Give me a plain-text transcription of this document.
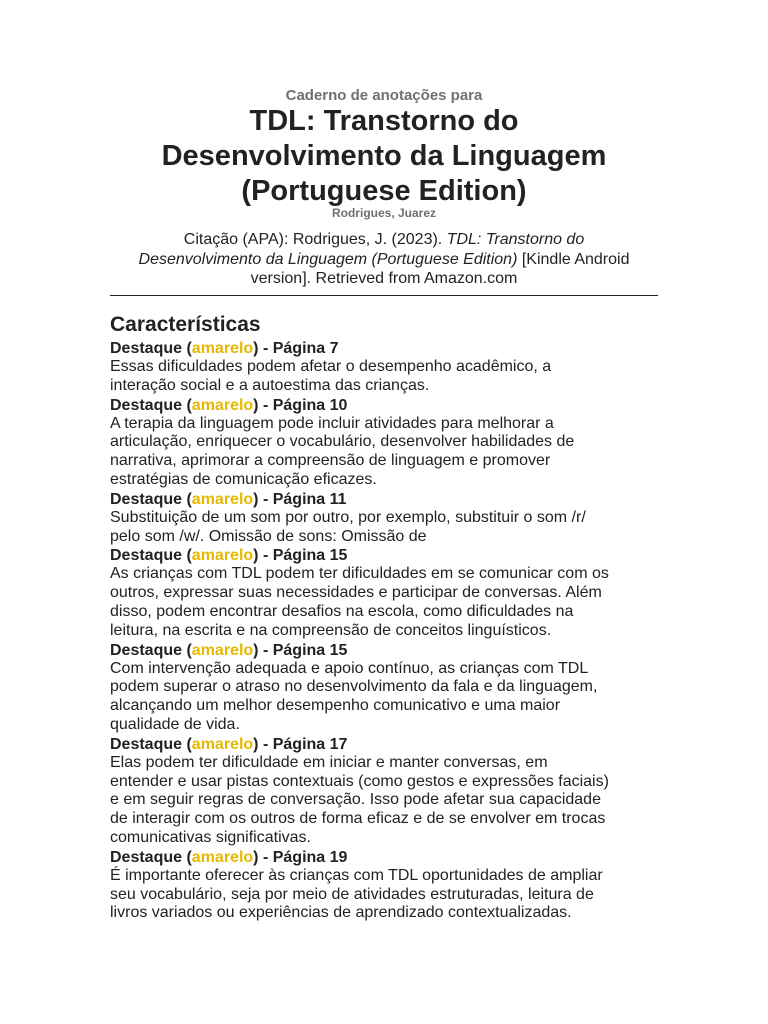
Caderno de anotações para
TDL: Transtorno do
Desenvolvimento da Linguagem
(Portuguese Edition)
Rodrigues, Juarez
Citação (APA): Rodrigues, J. (2023). TDL: Transtorno do
Desenvolvimento da Linguagem (Portuguese Edition) [Kindle Android
version]. Retrieved from Amazon.com
Características
Destaque (amarelo) - Página 7
Essas dificuldades podem afetar o desempenho acadêmico, a
interação social e a autoestima das crianças.
Destaque (amarelo) - Página 10
A terapia da linguagem pode incluir atividades para melhorar a
articulação, enriquecer o vocabulário, desenvolver habilidades de
narrativa, aprimorar a compreensão de linguagem e promover
estratégias de comunicação eficazes.
Destaque (amarelo) - Página 11
Substituição de um som por outro, por exemplo, substituir o som /r/
pelo som /w/. Omissão de sons: Omissão de
Destaque (amarelo) - Página 15
As crianças com TDL podem ter dificuldades em se comunicar com os
outros, expressar suas necessidades e participar de conversas. Além
disso, podem encontrar desafios na escola, como dificuldades na
leitura, na escrita e na compreensão de conceitos linguísticos.
Destaque (amarelo) - Página 15
Com intervenção adequada e apoio contínuo, as crianças com TDL
podem superar o atraso no desenvolvimento da fala e da linguagem,
alcançando um melhor desempenho comunicativo e uma maior
qualidade de vida.
Destaque (amarelo) - Página 17
Elas podem ter dificuldade em iniciar e manter conversas, em
entender e usar pistas contextuais (como gestos e expressões faciais)
e em seguir regras de conversação. Isso pode afetar sua capacidade
de interagir com os outros de forma eficaz e de se envolver em trocas
comunicativas significativas.
Destaque (amarelo) - Página 19
É importante oferecer às crianças com TDL oportunidades de ampliar
seu vocabulário, seja por meio de atividades estruturadas, leitura de
livros variados ou experiências de aprendizado contextualizadas.
